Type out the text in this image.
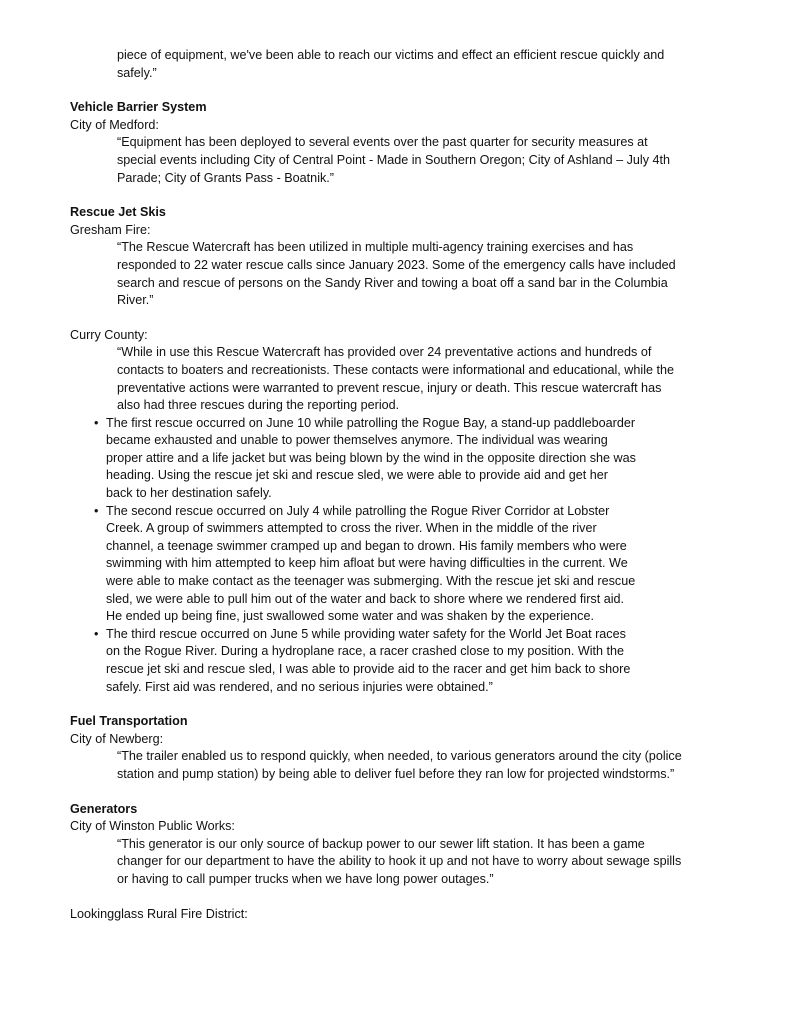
piece of equipment, we've been able to reach our victims and effect an efficient rescue quickly and safely.”

Vehicle Barrier System

City of Medford:

“Equipment has been deployed to several events over the past quarter for security measures at special events including City of Central Point - Made in Southern Oregon; City of Ashland – July 4th Parade; City of Grants Pass - Boatnik.”

Rescue Jet Skis

Gresham Fire:

“The Rescue Watercraft has been utilized in multiple multi-agency training exercises and has responded to 22 water rescue calls since January 2023. Some of the emergency calls have included search and rescue of persons on the Sandy River and towing a boat off a sand bar in the Columbia River.”

Curry County:

“While in use this Rescue Watercraft has provided over 24 preventative actions and hundreds of contacts to boaters and recreationists. These contacts were informational and educational, while the preventative actions were warranted to prevent rescue, injury or death. This rescue watercraft has also had three rescues during the reporting period.

• The first rescue occurred on June 10 while patrolling the Rogue Bay, a stand-up paddleboarder became exhausted and unable to power themselves anymore. The individual was wearing proper attire and a life jacket but was being blown by the wind in the opposite direction she was heading. Using the rescue jet ski and rescue sled, we were able to provide aid and get her back to her destination safely.
• The second rescue occurred on July 4 while patrolling the Rogue River Corridor at Lobster Creek. A group of swimmers attempted to cross the river. When in the middle of the river channel, a teenage swimmer cramped up and began to drown. His family members who were swimming with him attempted to keep him afloat but were having difficulties in the current. We were able to make contact as the teenager was submerging. With the rescue jet ski and rescue sled, we were able to pull him out of the water and back to shore where we rendered first aid. He ended up being fine, just swallowed some water and was shaken by the experience.
• The third rescue occurred on June 5 while providing water safety for the World Jet Boat races on the Rogue River. During a hydroplane race, a racer crashed close to my position. With the rescue jet ski and rescue sled, I was able to provide aid to the racer and get him back to shore safely. First aid was rendered, and no serious injuries were obtained.”
Fuel Transportation

City of Newberg:

“The trailer enabled us to respond quickly, when needed, to various generators around the city (police station and pump station) by being able to deliver fuel before they ran low for projected windstorms.”

Generators

City of Winston Public Works:

“This generator is our only source of backup power to our sewer lift station. It has been a game changer for our department to have the ability to hook it up and not have to worry about sewage spills or having to call pumper trucks when we have long power outages.”

Lookingglass Rural Fire District:
